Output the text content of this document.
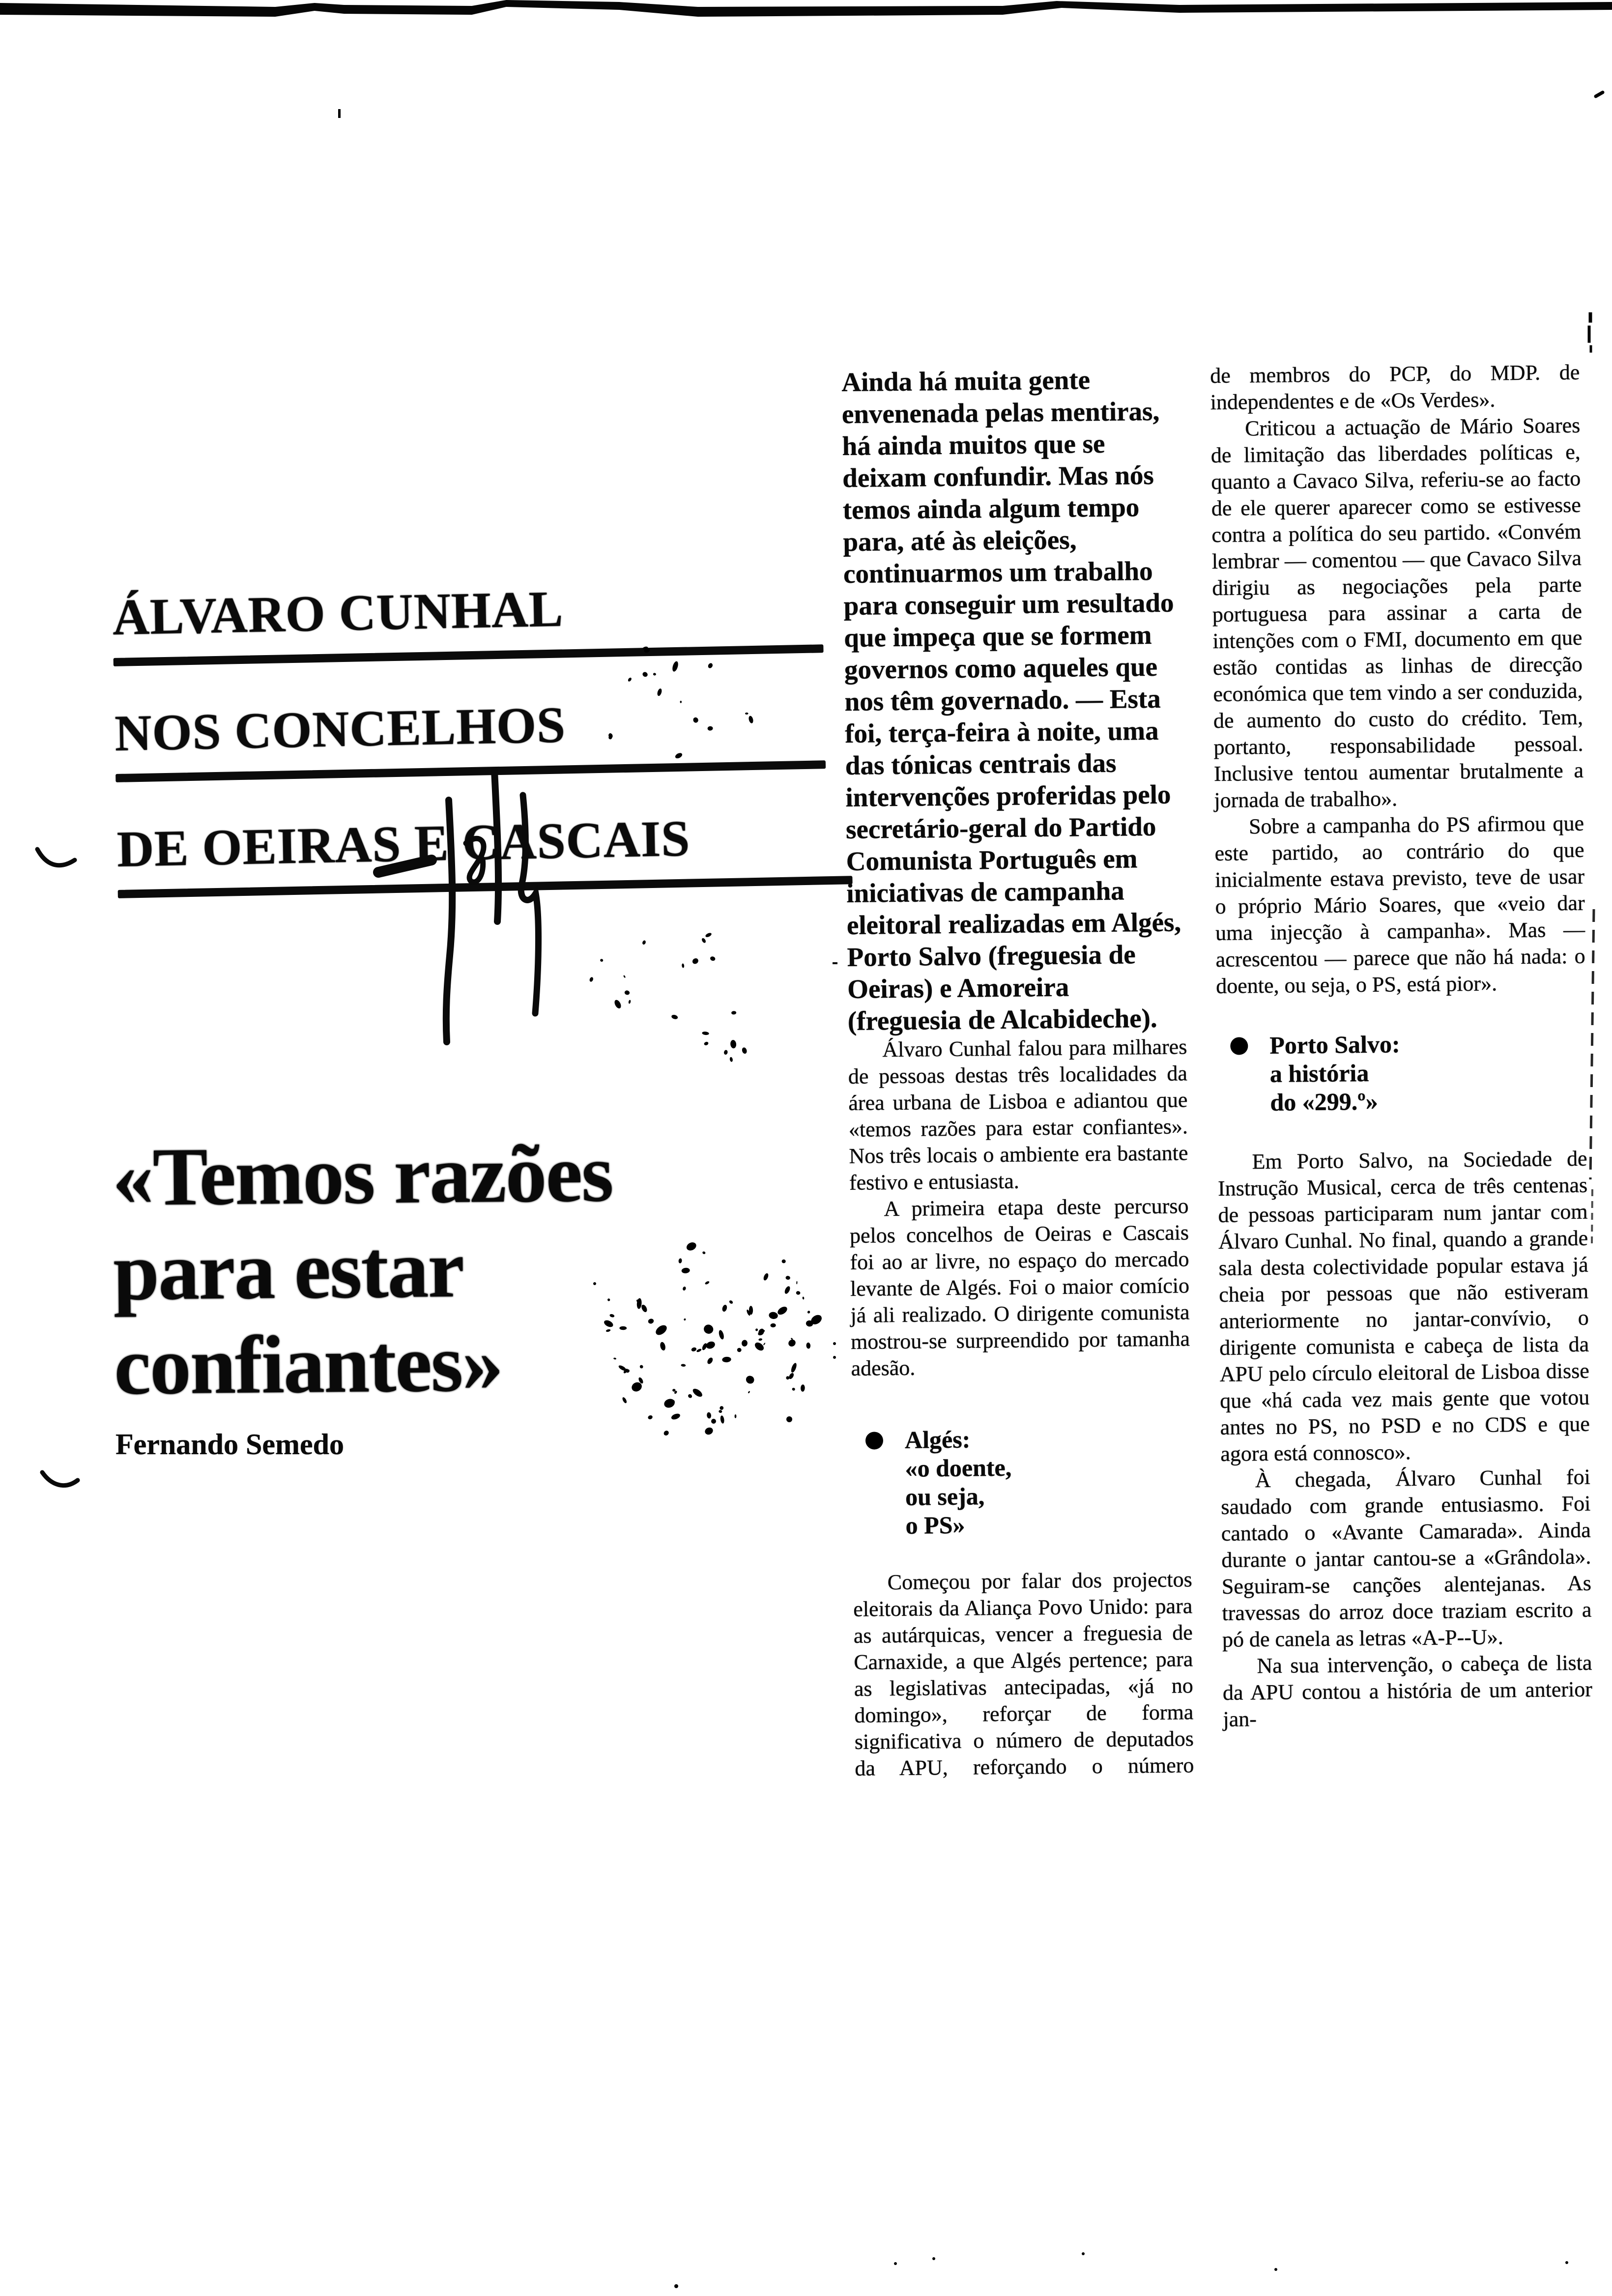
ÁLVARO CUNHAL
NOS CONCELHOS
DE OEIRAS E CASCAIS
«Temos razões
para estar
confiantes»
Fernando Semedo

Ainda há muita gente envenenada pelas mentiras, há ainda muitos que se deixam confundir. Mas nós temos ainda algum tempo para, até às eleições, continuarmos um trabalho para conseguir um resultado que impeça que se formem governos como aqueles que nos têm governado. — Esta foi, terça-feira à noite, uma das tónicas centrais das intervenções proferidas pelo secretário-geral do Partido Comunista Português em iniciativas de campanha eleitoral realizadas em Algés, Porto Salvo (freguesia de Oeiras) e Amoreira (freguesia de Alcabideche).

Álvaro Cunhal falou para milhares de pessoas destas três localidades da área urbana de Lisboa e adiantou que «temos razões para estar confiantes». Nos três locais o ambiente era bastante festivo e entusiasta.

A primeira etapa deste percurso pelos concelhos de Oeiras e Cascais foi ao ar livre, no espaço do mercado levante de Algés. Foi o maior comício já ali realizado. O dirigente comunista mostrou-se surpreendido por tamanha adesão.

Algés:
«o doente,
ou seja,
o PS»

Começou por falar dos projectos eleitorais da Aliança Povo Unido: para as autárquicas, vencer a freguesia de Carnaxide, a que Algés pertence; para as legislativas antecipadas, «já no domingo», reforçar de forma significativa o número de deputados da APU, reforçando o número

de membros do PCP, do MDP. de independentes e de «Os Verdes».

Criticou a actuação de Mário Soares de limitação das liberdades políticas e, quanto a Cavaco Silva, referiu-se ao facto de ele querer aparecer como se estivesse contra a política do seu partido. «Convém lembrar — comentou — que Cavaco Silva dirigiu as negociações pela parte portuguesa para assinar a carta de intenções com o FMI, documento em que estão contidas as linhas de direcção económica que tem vindo a ser conduzida, de aumento do custo do crédito. Tem, portanto, responsabilidade pessoal. Inclusive tentou aumentar brutalmente a jornada de trabalho».

Sobre a campanha do PS afirmou que este partido, ao contrário do que inicialmente estava previsto, teve de usar o próprio Mário Soares, que «veio dar uma injecção à campanha». Mas — acrescentou — parece que não há nada: o doente, ou seja, o PS, está pior».

Porto Salvo:
a história
do «299.º»

Em Porto Salvo, na Sociedade de Instrução Musical, cerca de três centenas de pessoas participaram num jantar com Álvaro Cunhal. No final, quando a grande sala desta colectividade popular estava já cheia por pessoas que não estiveram anteriormente no jantar-convívio, o dirigente comunista e cabeça de lista da APU pelo círculo eleitoral de Lisboa disse que «há cada vez mais gente que votou antes no PS, no PSD e no CDS e que agora está connosco».

À chegada, Álvaro Cunhal foi saudado com grande entusiasmo. Foi cantado o «Avante Camarada». Ainda durante o jantar cantou-se a «Grândola». Seguiram-se canções alentejanas. As travessas do arroz doce traziam escrito a pó de canela as letras «A-P--U».

Na sua intervenção, o cabeça de lista da APU contou a história de um anterior jan-
